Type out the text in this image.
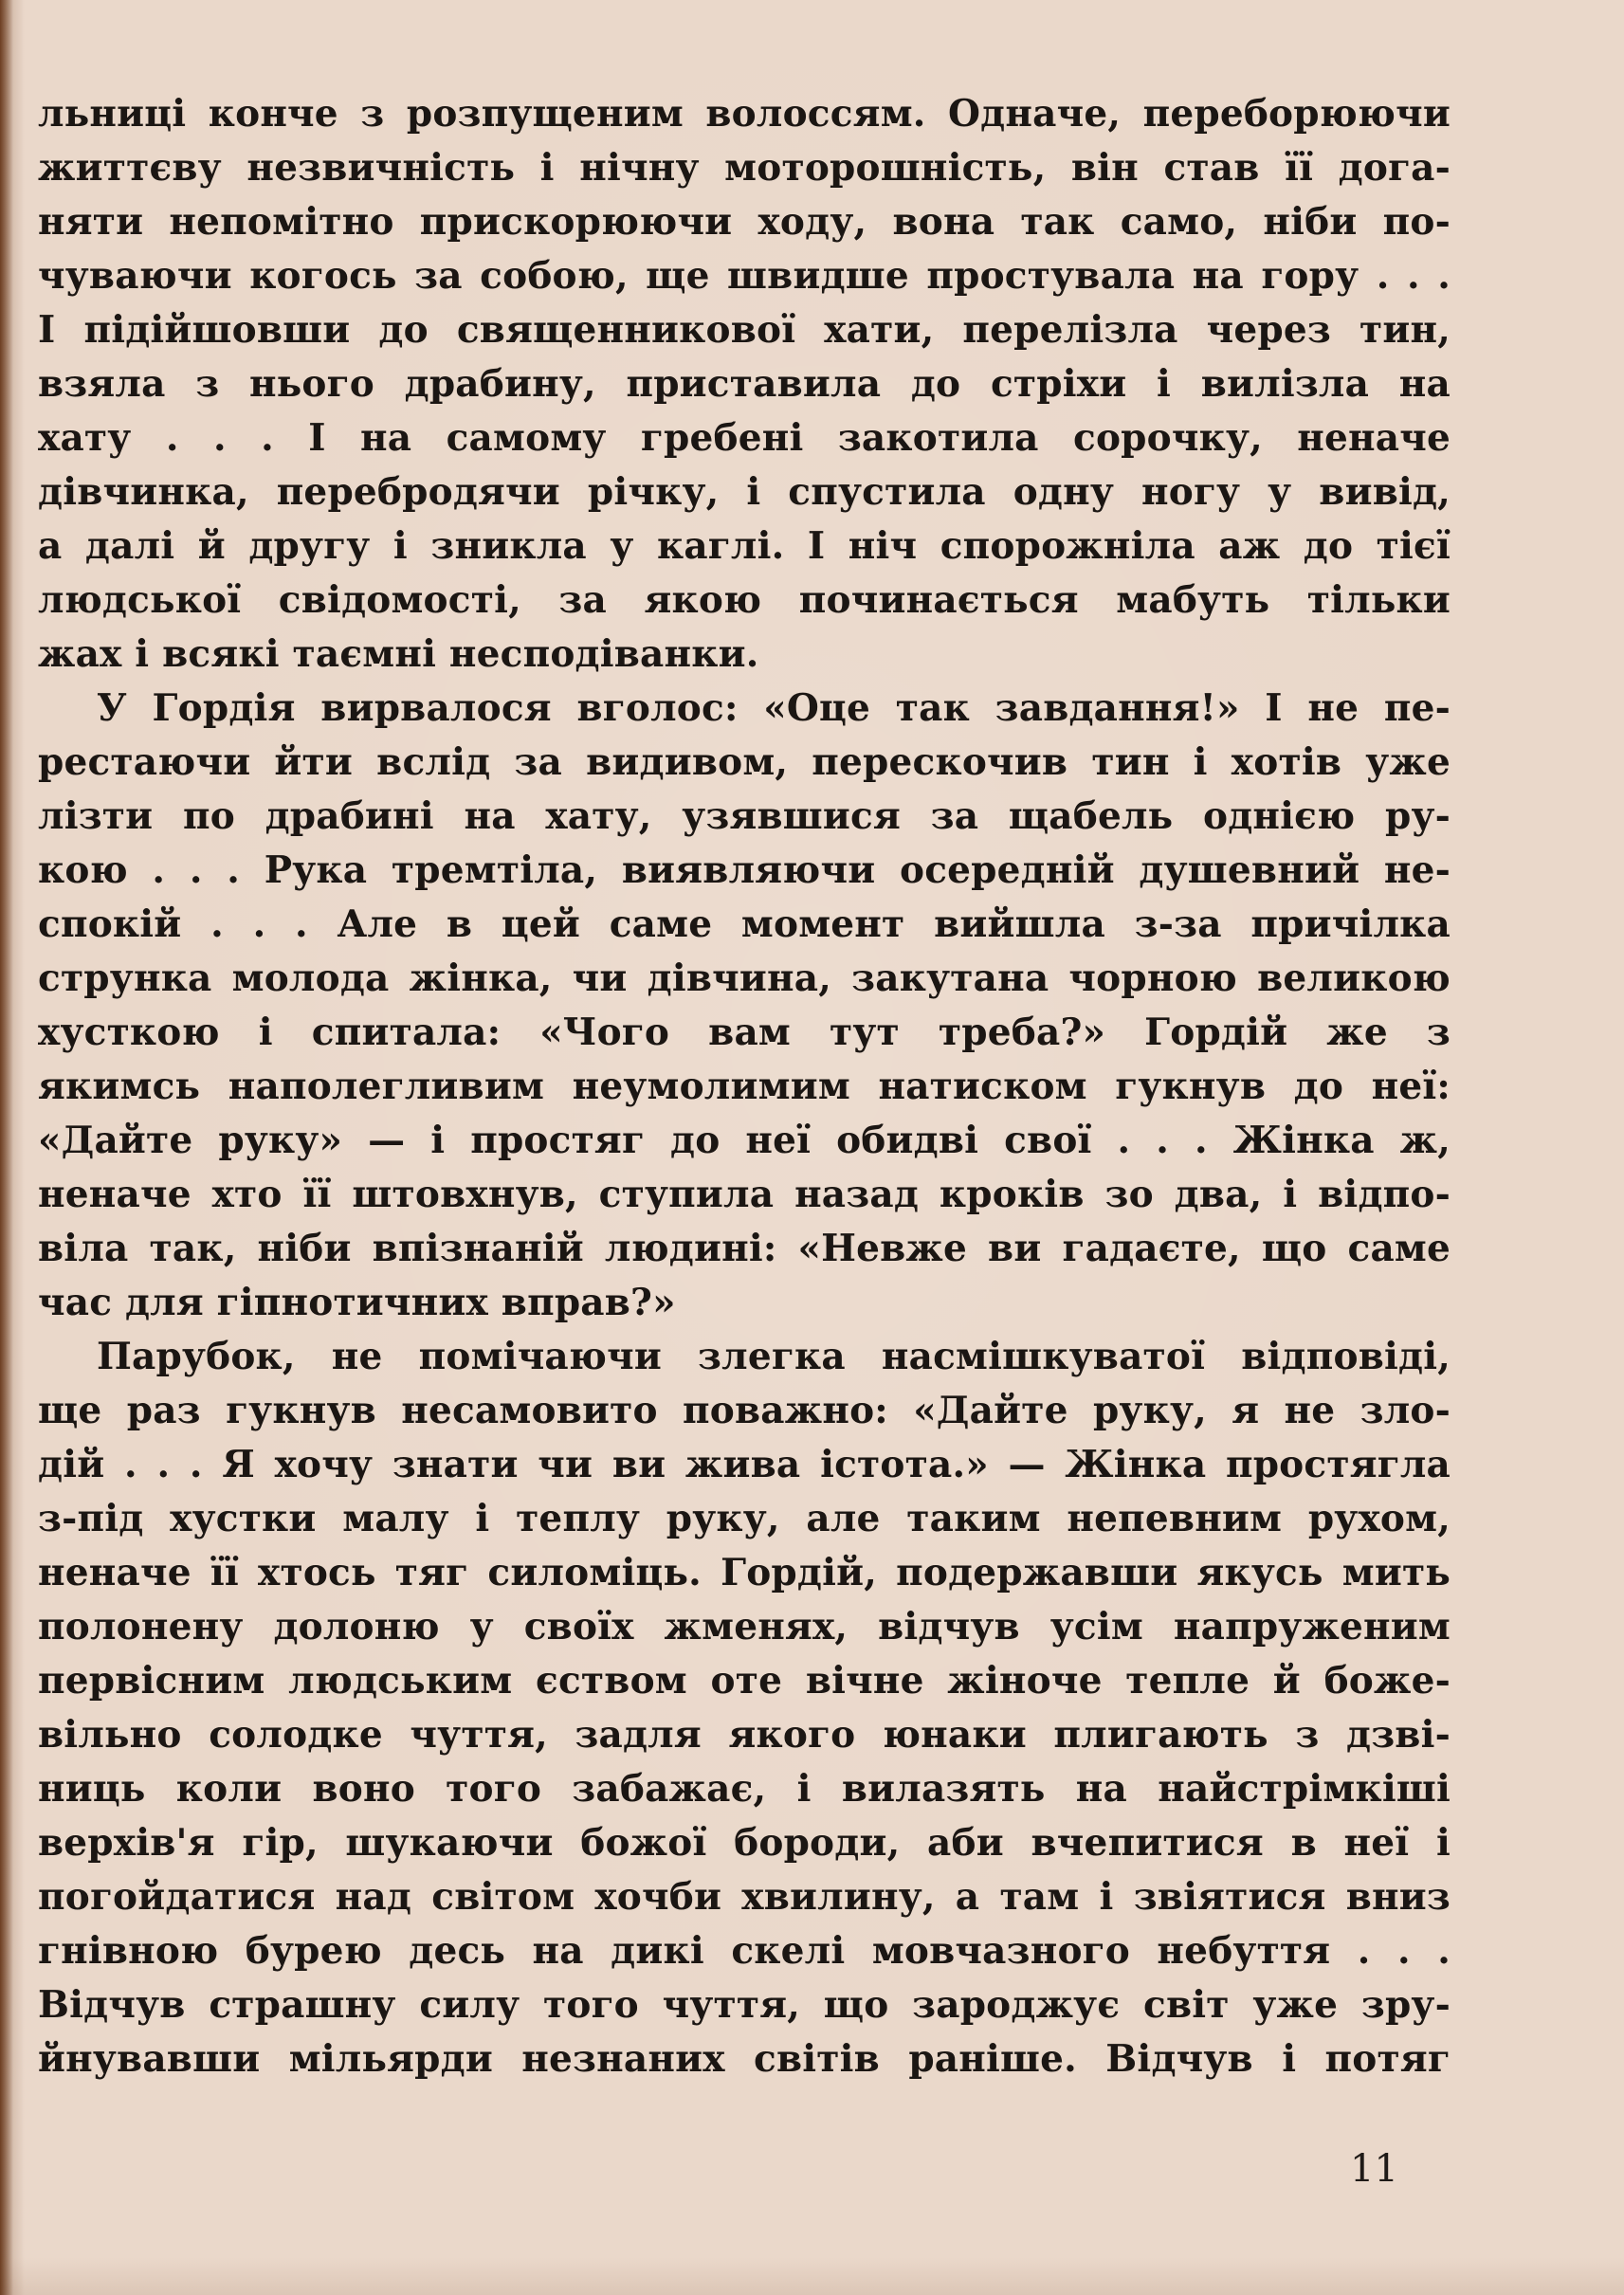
льниці конче з розпущеним волоссям. Одначе, переборюючи
життєву незвичність і нічну моторошність, він став її дога-
няти непомітно прискорюючи ходу, вона так само, ніби по-
чуваючи когось за собою, ще швидше простувала на гору . . .
І підійшовши до священникової хати, перелізла через тин,
взяла з нього драбину, приставила до стріхи і вилізла на
хату . . . І на самому гребені закотила сорочку, неначе
дівчинка, перебродячи річку, і спустила одну ногу у вивід,
а далі й другу і зникла у каглі. І ніч спорожніла аж до тієї
людської свідомості, за якою починається мабуть тільки
жах і всякі таємні несподіванки.
У Гордія вирвалося вголос: «Оце так завдання!» І не пе-
рестаючи йти вслід за видивом, перескочив тин і хотів уже
лізти по драбині на хату, узявшися за щабель однією ру-
кою . . . Рука тремтіла, виявляючи осередній душевний не-
спокій . . . Але в цей саме момент вийшла з-за причілка
струнка молода жінка, чи дівчина, закутана чорною великою
хусткою і спитала: «Чого вам тут треба?» Гордій же з
якимсь наполегливим неумолимим натиском гукнув до неї:
«Дайте руку» — і простяг до неї обидві свої . . . Жінка ж,
неначе хто її штовхнув, ступила назад кроків зо два, і відпо-
віла так, ніби впізнаній людині: «Невже ви гадаєте, що саме
час для гіпнотичних вправ?»
Парубок, не помічаючи злегка насмішкуватої відповіді,
ще раз гукнув несамовито поважно: «Дайте руку, я не зло-
дій . . . Я хочу знати чи ви жива істота.» — Жінка простягла
з-під хустки малу і теплу руку, але таким непевним рухом,
неначе її хтось тяг силоміць. Гордій, подержавши якусь мить
полонену долоню у своїх жменях, відчув усім напруженим
первісним людським єством оте вічне жіноче тепле й боже-
вільно солодке чуття, задля якого юнаки плигають з дзві-
ниць коли воно того забажає, і вилазять на найстрімкіші
верхів'я гір, шукаючи божої бороди, аби вчепитися в неї і
погойдатися над світом хочби хвилину, а там і звіятися вниз
гнівною бурею десь на дикі скелі мовчазного небуття . . .
Відчув страшну силу того чуття, що зароджує світ уже зру-
йнувавши мільярди незнаних світів раніше. Відчув і потяг
11
